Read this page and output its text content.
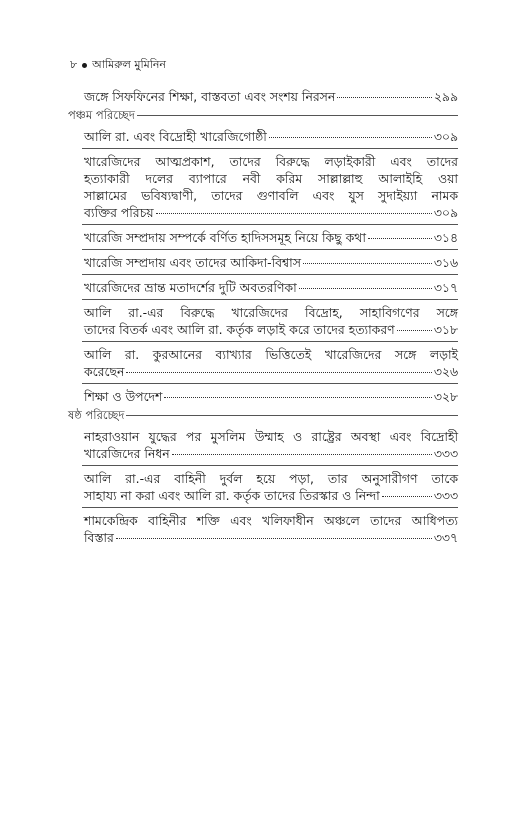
৮ আমিরুল মুমিনিন
জঙ্গে সিফফিনের শিক্ষা, বাস্তবতা এবং সংশয় নিরসন	২৯৯
পঞ্চম পরিচ্ছেদ
আলি রা. এবং বিদ্রোহী খারেজিগোষ্ঠী	৩০৯
খারেজিদের আত্মপ্রকাশ, তাদের বিরুদ্ধে লড়াইকারী এবং তাদের
হত্যাকারী দলের ব্যাপারে নবী করিম সাল্লাল্লাহু আলাইহি ওয়া
সাল্লামের ভবিষ্যদ্বাণী, তাদের গুণাবলি এবং যুস সুদাইয়্যা নামক
ব্যক্তির পরিচয়	৩০৯
খারেজি সম্প্রদায় সম্পর্কে বর্ণিত হাদিসসমূহ নিয়ে কিছু কথা	৩১৪
খারেজি সম্প্রদায় এবং তাদের আকিদা-বিশ্বাস	৩১৬
খারেজিদের ভ্রান্ত মতাদর্শের দুটি অবতরণিকা	৩১৭
আলি রা.-এর বিরুদ্ধে খারেজিদের বিদ্রোহ, সাহাবিগণের সঙ্গে
তাদের বিতর্ক এবং আলি রা. কর্তৃক লড়াই করে তাদের হত্যাকরণ	৩১৮
আলি রা. কুরআনের ব্যাখ্যার ভিত্তিতেই খারেজিদের সঙ্গে লড়াই
করেছেন	৩২৬
শিক্ষা ও উপদেশ	৩২৮
ষষ্ঠ পরিচ্ছেদ
নাহরাওয়ান যুদ্ধের পর মুসলিম উম্মাহ ও রাষ্ট্রের অবস্থা এবং বিদ্রোহী
খারেজিদের নিধন	৩৩৩
আলি রা.-এর বাহিনী দুর্বল হয়ে পড়া, তার অনুসারীগণ তাকে
সাহায্য না করা এবং আলি রা. কর্তৃক তাদের তিরস্কার ও নিন্দা	৩৩৩
শামকেন্দ্রিক বাহিনীর শক্তি এবং খলিফাধীন অঞ্চলে তাদের আধিপত্য
বিস্তার	৩৩৭
